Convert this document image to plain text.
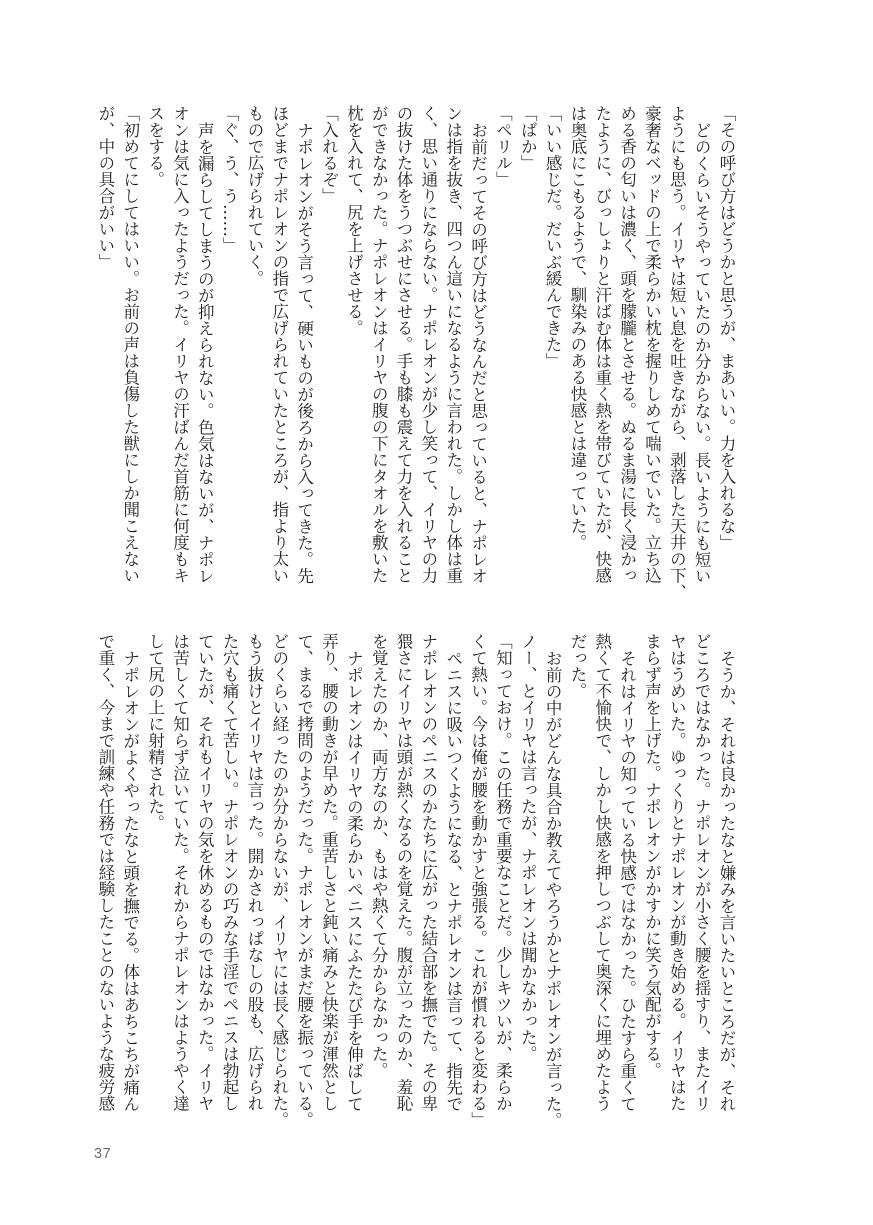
「その呼び方はどうかと思うが、まあいい。力を入れるな」
どのくらいそうやっていたのか分からない。長いようにも短い
ようにも思う。イリヤは短い息を吐きながら、剥落した天井の下、
豪奢なベッドの上で柔らかい枕を握りしめて喘いでいた。立ち込
める香の匂いは濃く、頭を朦朧とさせる。ぬるま湯に長く浸かっ
たように、びっしょりと汗ばむ体は重く熱を帯びていたが、快感
は奥底にこもるようで、馴染みのある快感とは違っていた。
「いい感じだ。だいぶ緩んできた」
「ばか」
「ペリル」
お前だってその呼び方はどうなんだと思っていると、ナポレオ
ンは指を抜き、四つん這いになるように言われた。しかし体は重
く、思い通りにならない。ナポレオンが少し笑って、イリヤの力
の抜けた体をうつぶせにさせる。手も膝も震えて力を入れること
ができなかった。ナポレオンはイリヤの腹の下にタオルを敷いた
枕を入れて、尻を上げさせる。
「入れるぞ」
ナポレオンがそう言って、硬いものが後ろから入ってきた。先
ほどまでナポレオンの指で広げられていたところが、指より太い
もので広げられていく。
「ぐ、う、う……」
声を漏らしてしまうのが抑えられない。色気はないが、ナポレ
オンは気に入ったようだった。イリヤの汗ばんだ首筋に何度もキ
スをする。
「初めてにしてはいい。お前の声は負傷した獣にしか聞こえない
が、中の具合がいい」
そうか、それは良かったなと嫌みを言いたいところだが、それ
どころではなかった。ナポレオンが小さく腰を揺すり、またイリ
ヤはうめいた。ゆっくりとナポレオンが動き始める。イリヤはた
まらず声を上げた。ナポレオンがかすかに笑う気配がする。
それはイリヤの知っている快感ではなかった。ひたすら重くて
熱くて不愉快で、しかし快感を押しつぶして奥深くに埋めたよう
だった。
お前の中がどんな具合か教えてやろうかとナポレオンが言った。
ノー、とイリヤは言ったが、ナポレオンは聞かなかった。
「知っておけ。この任務で重要なことだ。少しキツいが、柔らか
くて熱い。今は俺が腰を動かすと強張る。これが慣れると変わる」
ペニスに吸いつくようになる、とナポレオンは言って、指先で
ナポレオンのペニスのかたちに広がった結合部を撫でた。その卑
猥さにイリヤは頭が熱くなるのを覚えた。腹が立ったのか、羞恥
を覚えたのか、両方なのか、もはや熱くて分からなかった。
ナポレオンはイリヤの柔らかいペニスにふたたび手を伸ばして
弄り、腰の動きが早めた。重苦しさと鈍い痛みと快楽が渾然とし
て、まるで拷問のようだった。ナポレオンがまだ腰を振っている。
どのくらい経ったのか分からないが、イリヤには長く感じられた。
もう抜けとイリヤは言った。開かされっぱなしの股も、広げられ
た穴も痛くて苦しい。ナポレオンの巧みな手淫でペニスは勃起し
ていたが、それもイリヤの気を休めるものではなかった。イリヤ
は苦しくて知らず泣いていた。それからナポレオンはようやく達
して尻の上に射精された。
ナポレオンがよくやったなと頭を撫でる。体はあちこちが痛ん
で重く、今まで訓練や任務では経験したことのないような疲労感
37
